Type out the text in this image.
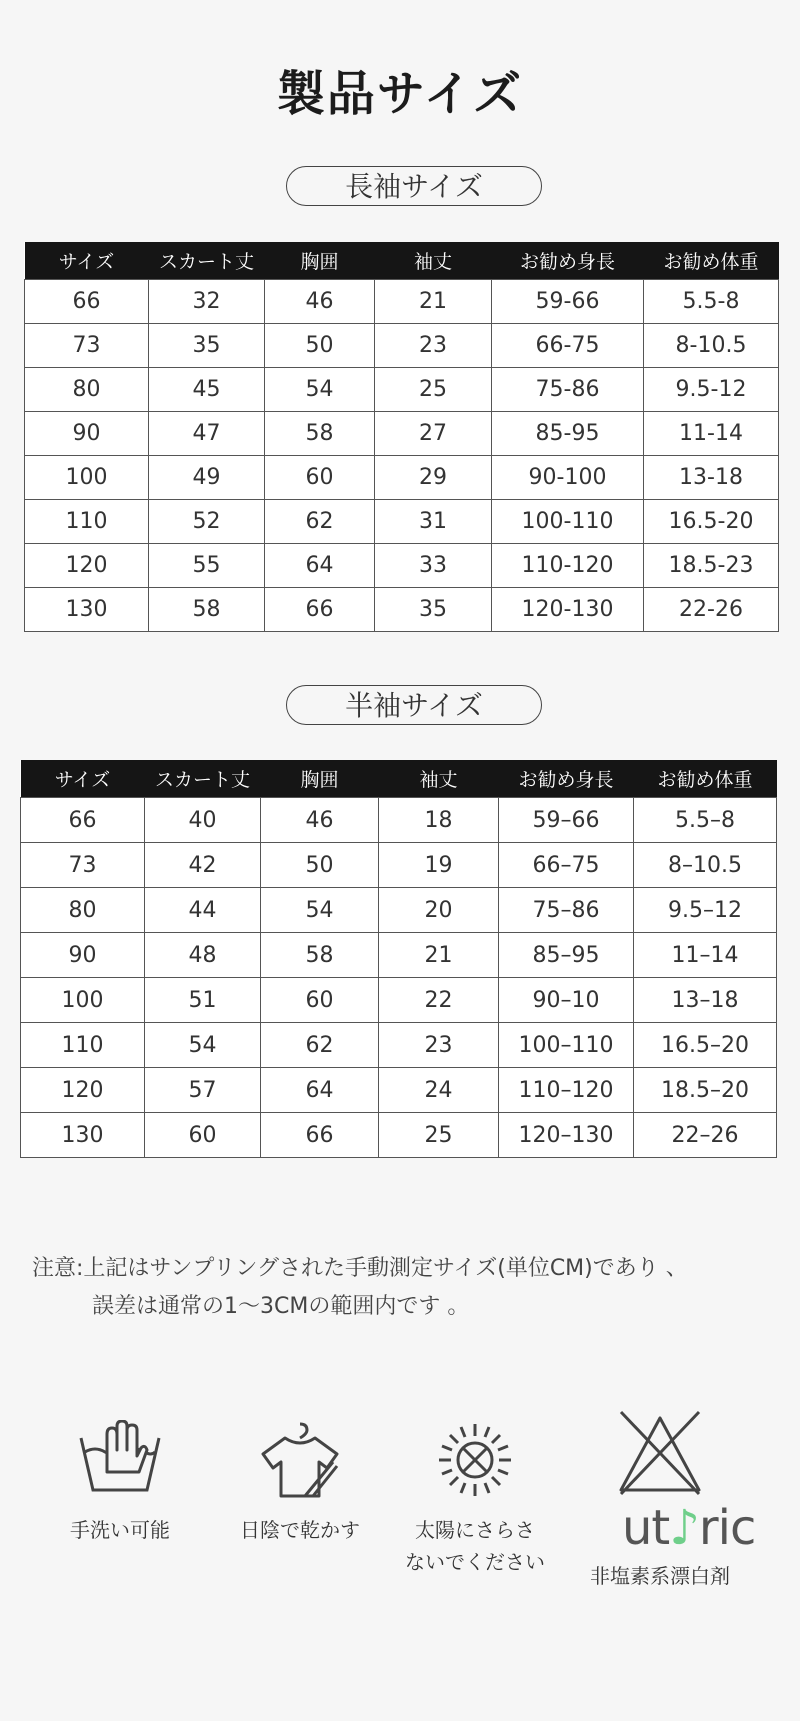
製品サイズ
長袖サイズ
サイズ	スカート丈	胸囲	袖丈	お勧め身長	お勧め体重
66	32	46	21	59-66	5.5-8
73	35	50	23	66-75	8-10.5
80	45	54	25	75-86	9.5-12
90	47	58	27	85-95	11-14
100	49	60	29	90-100	13-18
110	52	62	31	100-110	16.5-20
120	55	64	33	110-120	18.5-23
130	58	66	35	120-130	22-26
半袖サイズ
サイズ	スカート丈	胸囲	袖丈	お勧め身長	お勧め体重
66	40	46	18	59–66	5.5–8
73	42	50	19	66–75	8–10.5
80	44	54	20	75–86	9.5–12
90	48	58	21	85–95	11–14
100	51	60	22	90–10	13–18
110	54	62	23	100–110	16.5–20
120	57	64	24	110–120	18.5–20
130	60	66	25	120–130	22–26
注意:上記はサンプリングされた手動測定サイズ(単位CM)であり 、
誤差は通常の1～3CMの範囲内です 。
手洗い可能	日陰で乾かす	太陽にさらさ
ないでください
非塩素系漂白剤
ut♪ric
